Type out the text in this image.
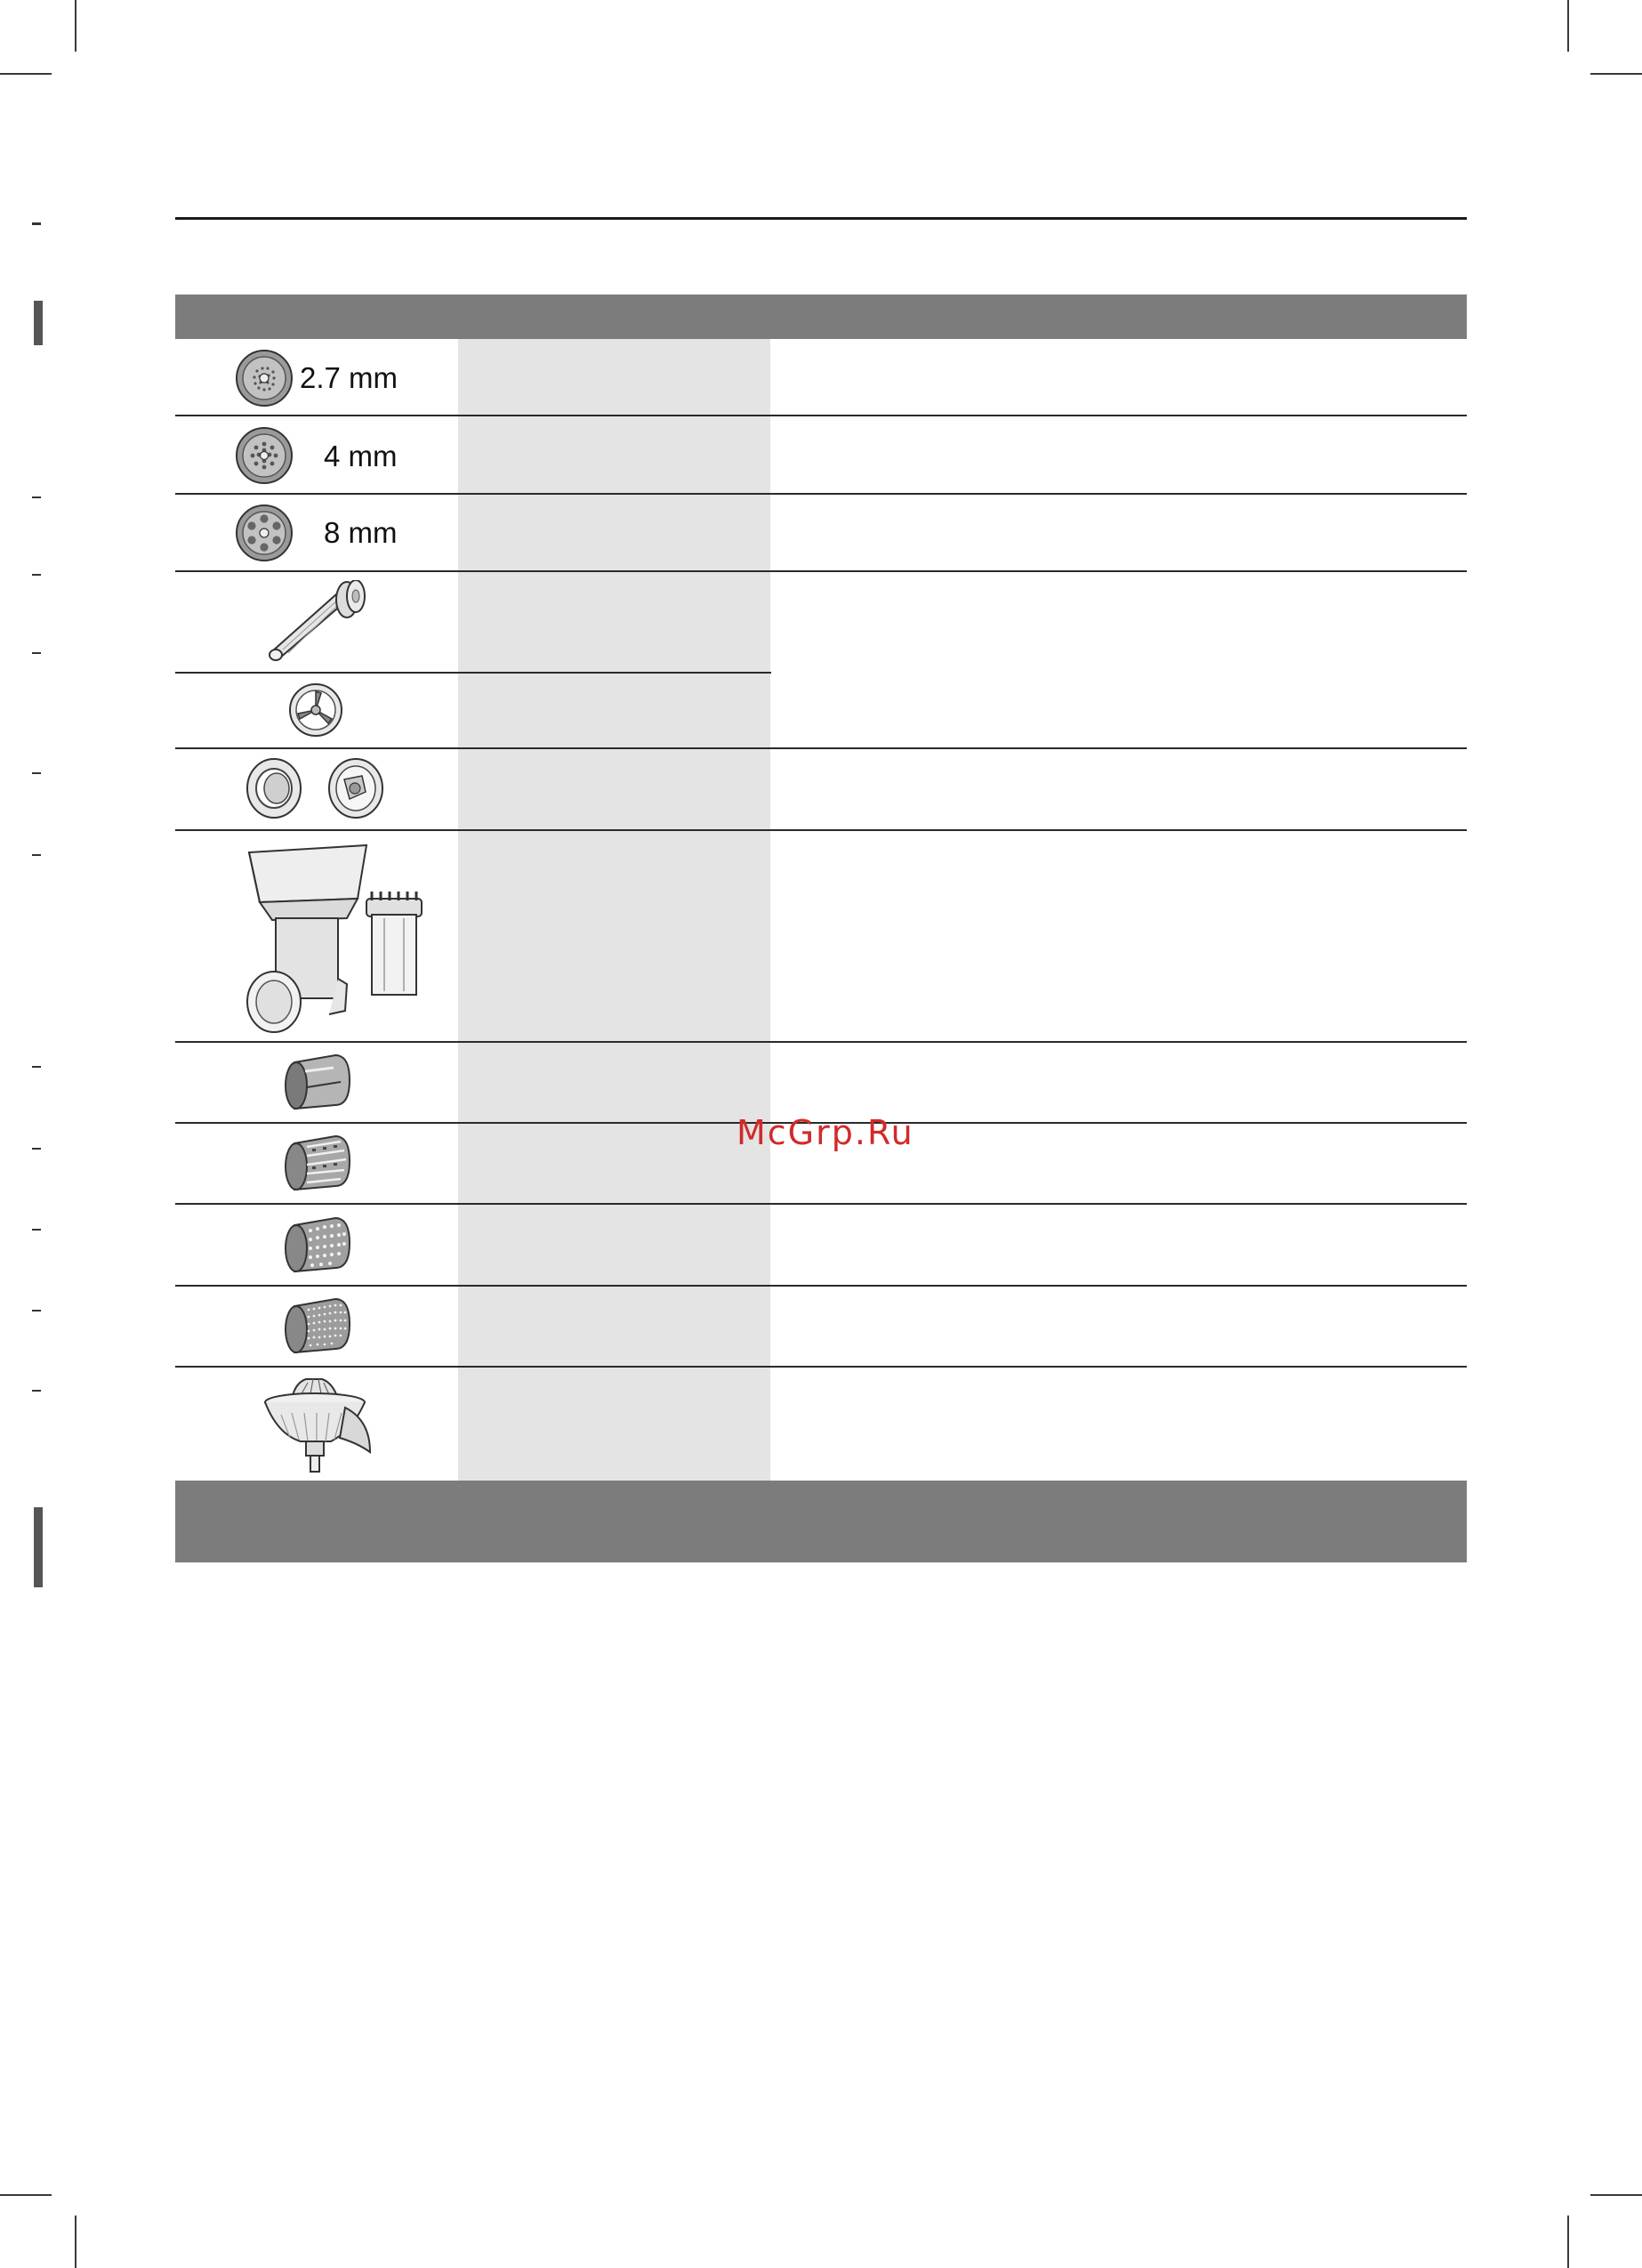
2.7 mm
4 mm
8 mm
McGrp.Ru
